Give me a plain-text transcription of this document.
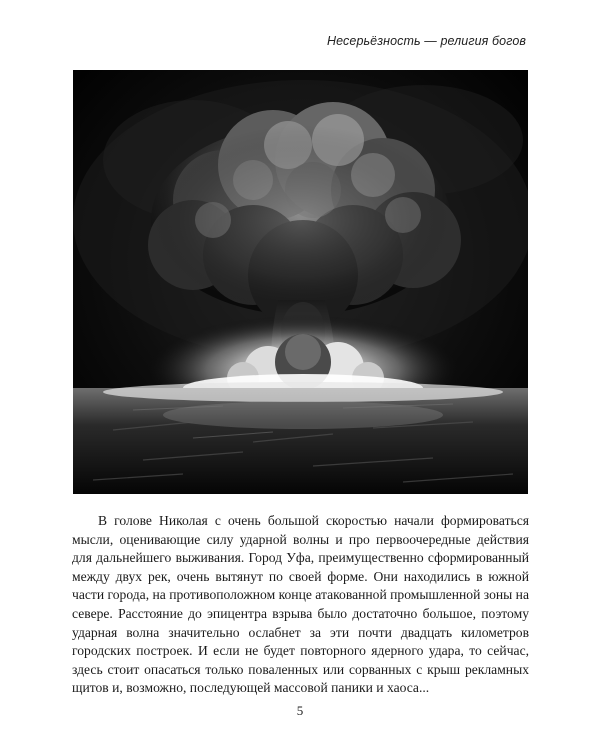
Несерьёзность — религия богов

В голове Николая с очень большой скоростью начали формироваться мысли, оценивающие силу ударной волны и про первоочередные действия для дальнейшего выживания. Город Уфа, преимущественно сформированный между двух рек, очень вытянут по своей форме. Они находились в южной части города, на противоположном конце атакованной промышленной зоны на севере. Расстояние до эпицентра взрыва было достаточно большое, поэтому ударная волна значительно ослабнет за эти почти двадцать километров городских построек. И если не будет повторного ядерного удара, то сейчас, здесь стоит опасаться только поваленных или сорванных с крыш рекламных щитов и, возможно, последующей массовой паники и хаоса...

5
